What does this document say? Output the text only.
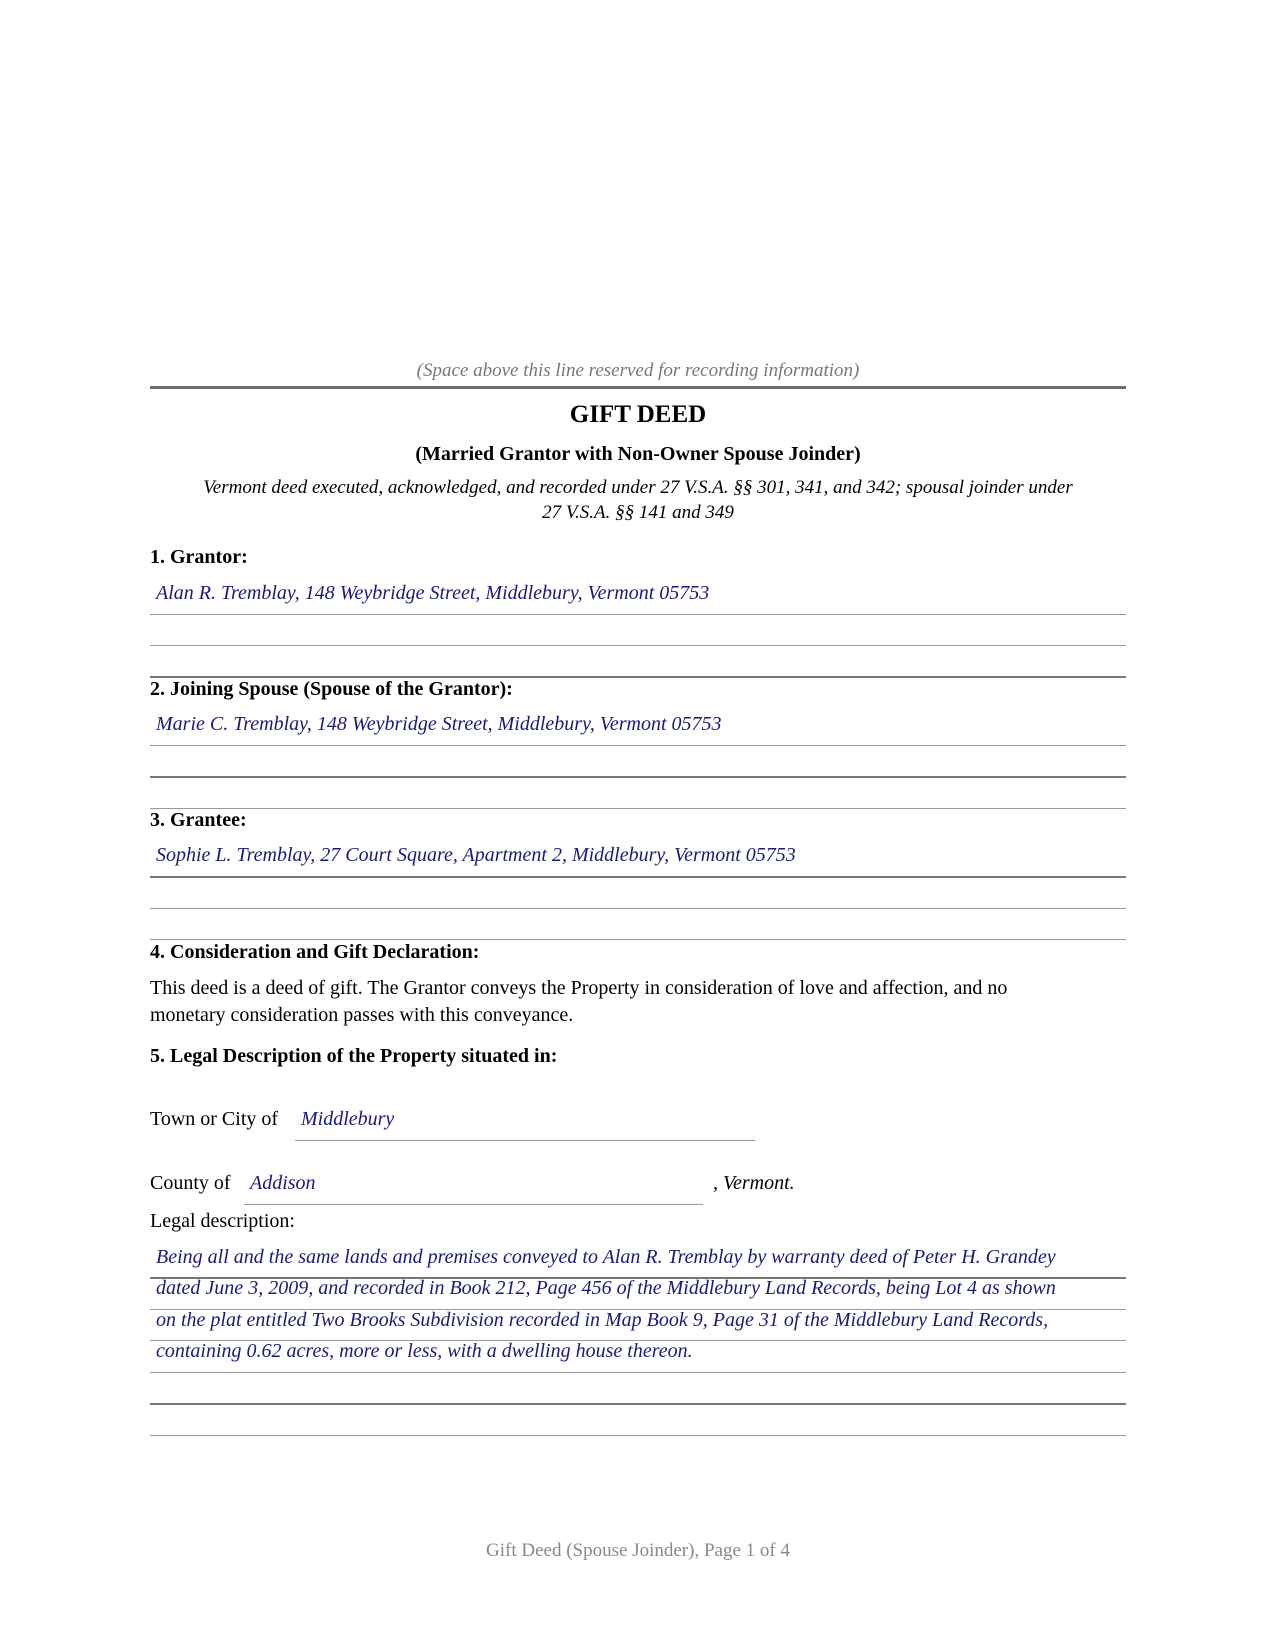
(Space above this line reserved for recording information)
GIFT DEED
(Married Grantor with Non-Owner Spouse Joinder)
Vermont deed executed, acknowledged, and recorded under 27 V.S.A. §§ 301, 341, and 342; spousal joinder under
27 V.S.A. §§ 141 and 349
1. Grantor:
Alan R. Tremblay, 148 Weybridge Street, Middlebury, Vermont 05753
2. Joining Spouse (Spouse of the Grantor):
Marie C. Tremblay, 148 Weybridge Street, Middlebury, Vermont 05753
3. Grantee:
Sophie L. Tremblay, 27 Court Square, Apartment 2, Middlebury, Vermont 05753
4. Consideration and Gift Declaration:
This deed is a deed of gift. The Grantor conveys the Property in consideration of love and affection, and no
monetary consideration passes with this conveyance.
5. Legal Description of the Property situated in:
Town or City of Middlebury
County of Addison	, Vermont.
Legal description:
Being all and the same lands and premises conveyed to Alan R. Tremblay by warranty deed of Peter H. Grandey
dated June 3, 2009, and recorded in Book 212, Page 456 of the Middlebury Land Records, being Lot 4 as shown
on the plat entitled Two Brooks Subdivision recorded in Map Book 9, Page 31 of the Middlebury Land Records,
containing 0.62 acres, more or less, with a dwelling house thereon.
Gift Deed (Spouse Joinder), Page 1 of 4
